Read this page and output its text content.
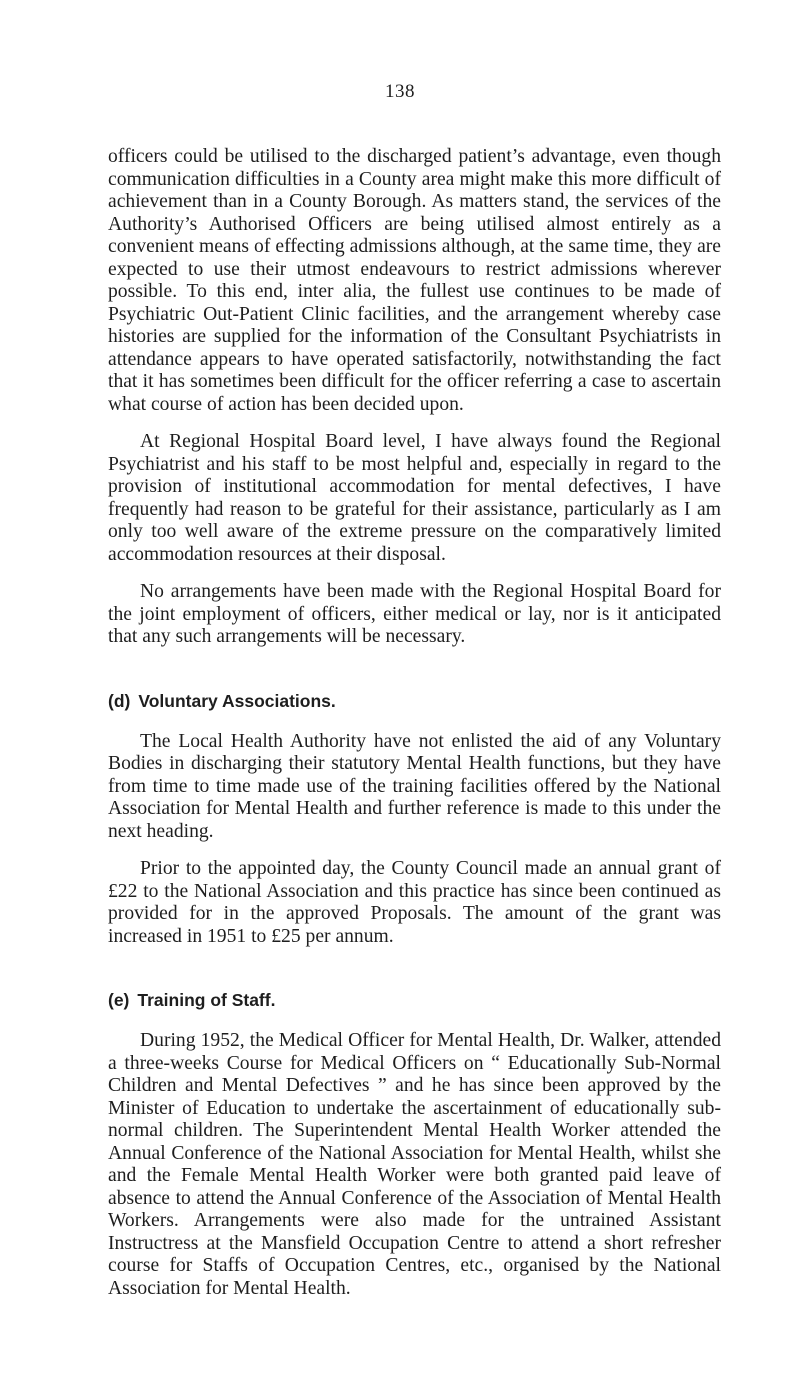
138

officers could be utilised to the discharged patient’s advantage, even though communication difficulties in a County area might make this more difficult of achievement than in a County Borough. As matters stand, the services of the Authority’s Authorised Officers are being utilised almost entirely as a convenient means of effecting admissions although, at the same time, they are expected to use their utmost endeavours to restrict admissions wherever possible. To this end, inter alia, the fullest use continues to be made of Psychiatric Out-Patient Clinic facilities, and the arrangement whereby case histories are supplied for the information of the Consultant Psychiatrists in attendance appears to have operated satisfactorily, notwithstanding the fact that it has sometimes been difficult for the officer referring a case to ascertain what course of action has been decided upon.

At Regional Hospital Board level, I have always found the Regional Psychiatrist and his staff to be most helpful and, especially in regard to the provision of institutional accommodation for mental defectives, I have frequently had reason to be grateful for their assistance, particularly as I am only too well aware of the extreme pressure on the comparatively limited accommodation resources at their disposal.

No arrangements have been made with the Regional Hospital Board for the joint employment of officers, either medical or lay, nor is it anticipated that any such arrangements will be necessary.

(d) Voluntary Associations.

The Local Health Authority have not enlisted the aid of any Voluntary Bodies in discharging their statutory Mental Health functions, but they have from time to time made use of the training facilities offered by the National Association for Mental Health and further reference is made to this under the next heading.

Prior to the appointed day, the County Council made an annual grant of £22 to the National Association and this practice has since been continued as provided for in the approved Proposals. The amount of the grant was increased in 1951 to £25 per annum.

(e) Training of Staff.

During 1952, the Medical Officer for Mental Health, Dr. Walker, attended a three-weeks Course for Medical Officers on “ Educationally Sub-Normal Children and Mental Defectives ” and he has since been approved by the Minister of Education to undertake the ascertainment of educationally sub-normal children. The Superintendent Mental Health Worker attended the Annual Conference of the National Association for Mental Health, whilst she and the Female Mental Health Worker were both granted paid leave of absence to attend the Annual Conference of the Association of Mental Health Workers. Arrangements were also made for the untrained Assistant Instructress at the Mansfield Occupation Centre to attend a short refresher course for Staffs of Occupation Centres, etc., organised by the National Association for Mental Health.
